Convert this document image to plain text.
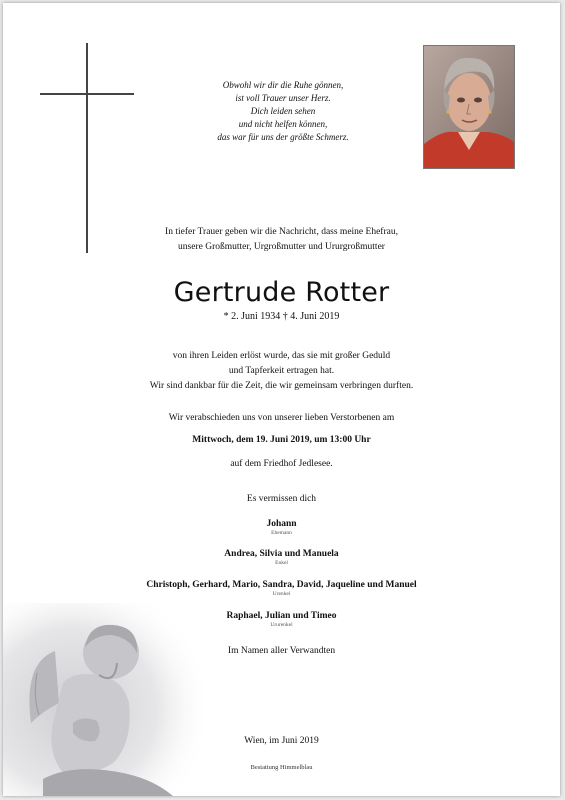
Obwohl wir dir die Ruhe gönnen,
ist voll Trauer unser Herz.
Dich leiden sehen
und nicht helfen können,
das war für uns der größte Schmerz.
In tiefer Trauer geben wir die Nachricht, dass meine Ehefrau,
unsere Großmutter, Urgroßmutter und Ururgroßmutter
Gertrude Rotter
* 2. Juni 1934 † 4. Juni 2019
von ihren Leiden erlöst wurde, das sie mit großer Geduld
und Tapferkeit ertragen hat.
Wir sind dankbar für die Zeit, die wir gemeinsam verbringen durften.
Wir verabschieden uns von unserer lieben Verstorbenen am
Mittwoch, dem 19. Juni 2019, um 13:00 Uhr
auf dem Friedhof Jedlesee.
Es vermissen dich
Johann
Ehemann
Andrea, Silvia und Manuela
Enkel
Christoph, Gerhard, Mario, Sandra, David, Jaqueline und Manuel
Urenkel
Raphael, Julian und Timeo
Ururenkel
Im Namen aller Verwandten
Wien, im Juni 2019
Bestattung Himmelblau
